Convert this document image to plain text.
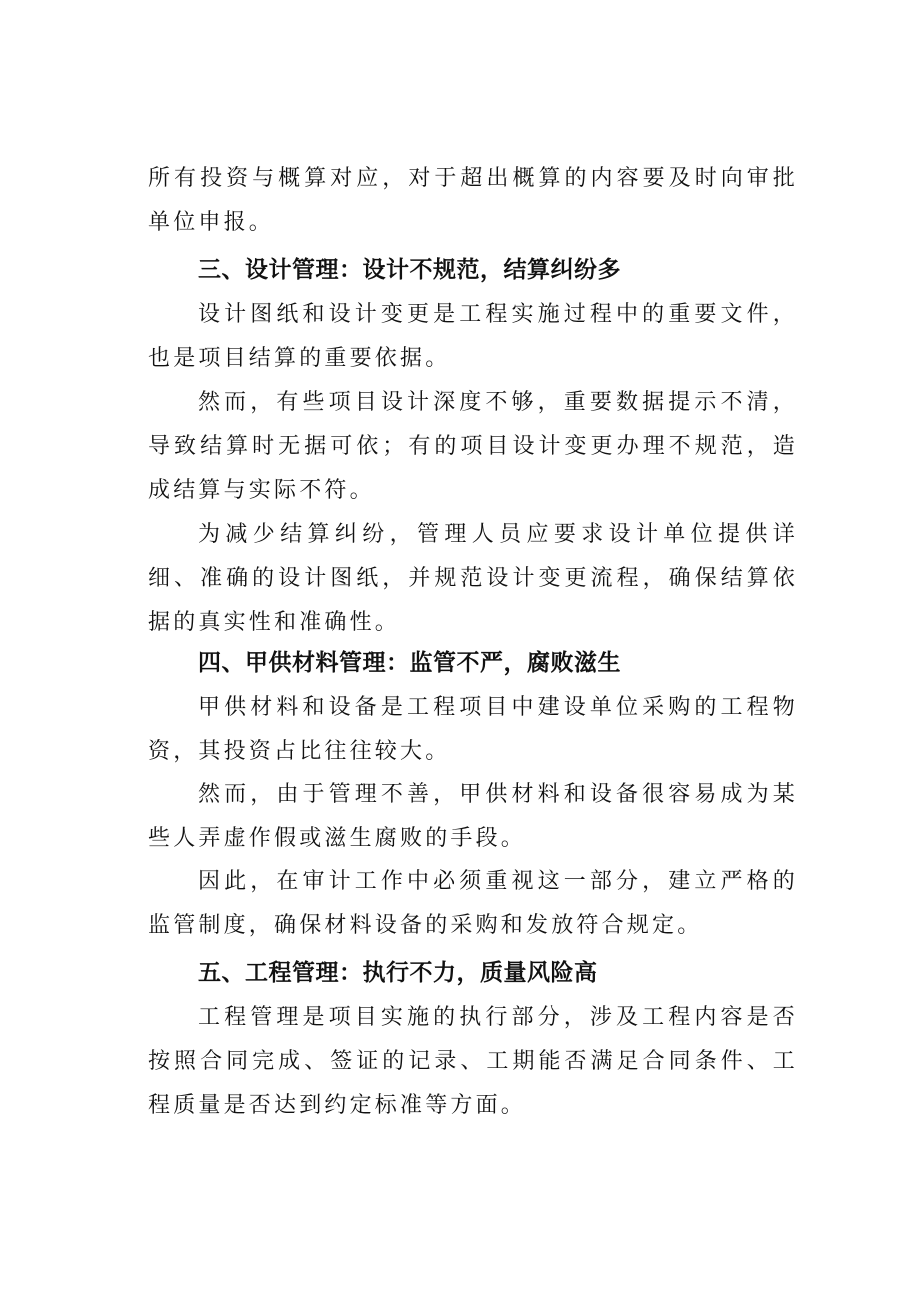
所有投资与概算对应，对于超出概算的内容要及时向审批单位申报。

三、设计管理：设计不规范，结算纠纷多

设计图纸和设计变更是工程实施过程中的重要文件，也是项目结算的重要依据。

然而，有些项目设计深度不够，重要数据提示不清，导致结算时无据可依；有的项目设计变更办理不规范，造成结算与实际不符。

为减少结算纠纷，管理人员应要求设计单位提供详细、准确的设计图纸，并规范设计变更流程，确保结算依据的真实性和准确性。

四、甲供材料管理：监管不严，腐败滋生

甲供材料和设备是工程项目中建设单位采购的工程物资，其投资占比往往较大。

然而，由于管理不善，甲供材料和设备很容易成为某些人弄虚作假或滋生腐败的手段。

因此，在审计工作中必须重视这一部分，建立严格的监管制度，确保材料设备的采购和发放符合规定。

五、工程管理：执行不力，质量风险高

工程管理是项目实施的执行部分，涉及工程内容是否按照合同完成、签证的记录、工期能否满足合同条件、工程质量是否达到约定标准等方面。
